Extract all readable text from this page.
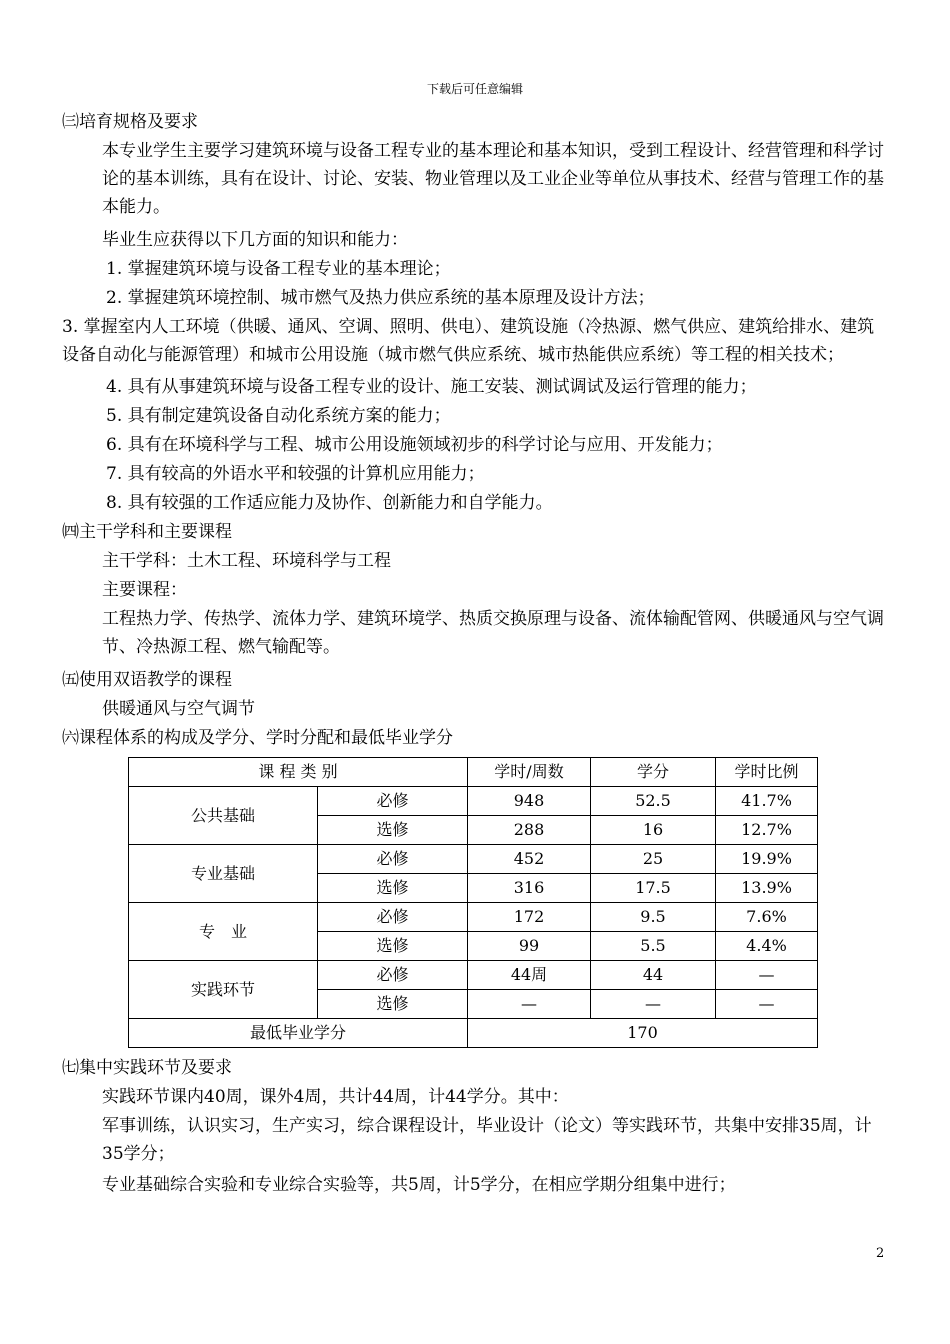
下载后可任意编辑

㈢培育规格及要求

本专业学生主要学习建筑环境与设备工程专业的基本理论和基本知识，受到工程设计、经营管理和科学讨论的基本训练，具有在设计、讨论、安装、物业管理以及工业企业等单位从事技术、经营与管理工作的基本能力。

毕业生应获得以下几方面的知识和能力：

1. 掌握建筑环境与设备工程专业的基本理论；

2. 掌握建筑环境控制、城市燃气及热力供应系统的基本原理及设计方法；

3. 掌握室内人工环境（供暖、通风、空调、照明、供电）、建筑设施（冷热源、燃气供应、建筑给排水、建筑设备自动化与能源管理）和城市公用设施（城市燃气供应系统、城市热能供应系统）等工程的相关技术；

4. 具有从事建筑环境与设备工程专业的设计、施工安装、测试调试及运行管理的能力；

5. 具有制定建筑设备自动化系统方案的能力；

6. 具有在环境科学与工程、城市公用设施领域初步的科学讨论与应用、开发能力；

7. 具有较高的外语水平和较强的计算机应用能力；

8. 具有较强的工作适应能力及协作、创新能力和自学能力。

㈣主干学科和主要课程

主干学科：土木工程、环境科学与工程

主要课程：

工程热力学、传热学、流体力学、建筑环境学、热质交换原理与设备、流体输配管网、供暖通风与空气调节、冷热源工程、燃气输配等。

㈤使用双语教学的课程

供暖通风与空气调节

㈥课程体系的构成及学分、学时分配和最低毕业学分

课 程 类 别		学时/周数	学分	学时比例
公共基础	必修	948	52.5	41.7%
	选修	288	16	12.7%
专业基础	必修	452	25	19.9%
	选修	316	17.5	13.9%
专　业	必修	172	9.5	7.6%
	选修	99	5.5	4.4%
实践环节	必修	44周	44	—
	选修	—	—	—
最低毕业学分		170		

㈦集中实践环节及要求

实践环节课内40周，课外4周，共计44周，计44学分。其中：

军事训练，认识实习，生产实习，综合课程设计，毕业设计（论文）等实践环节，共集中安排35周，计35学分；

专业基础综合实验和专业综合实验等，共5周，计5学分，在相应学期分组集中进行；

2
